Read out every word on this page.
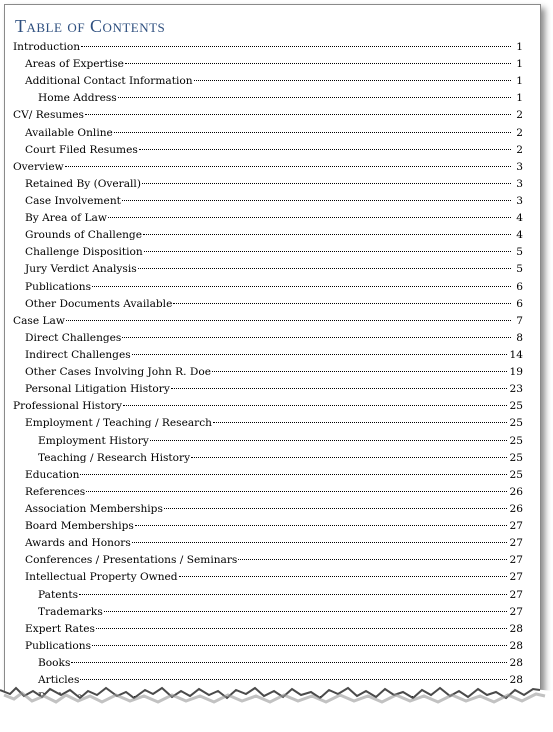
Table of Contents
Introduction	1
Areas of Expertise	1
Additional Contact Information	1
Home Address	1
CV/ Resumes	2
Available Online	2
Court Filed Resumes	2
Overview	3
Retained By (Overall)	3
Case Involvement	3
By Area of Law	4
Grounds of Challenge	4
Challenge Disposition	5
Jury Verdict Analysis	5
Publications	6
Other Documents Available	6
Case Law	7
Direct Challenges	8
Indirect Challenges	14
Other Cases Involving John R. Doe	19
Personal Litigation History	23
Professional History	25
Employment / Teaching / Research	25
Employment History	25
Teaching / Research History	25
Education	25
References	26
Association Memberships	26
Board Memberships	27
Awards and Honors	27
Conferences / Presentations / Seminars	27
Intellectual Property Owned	27
Patents	27
Trademarks	27
Expert Rates	28
Publications	28
Books	28
Articles	28
